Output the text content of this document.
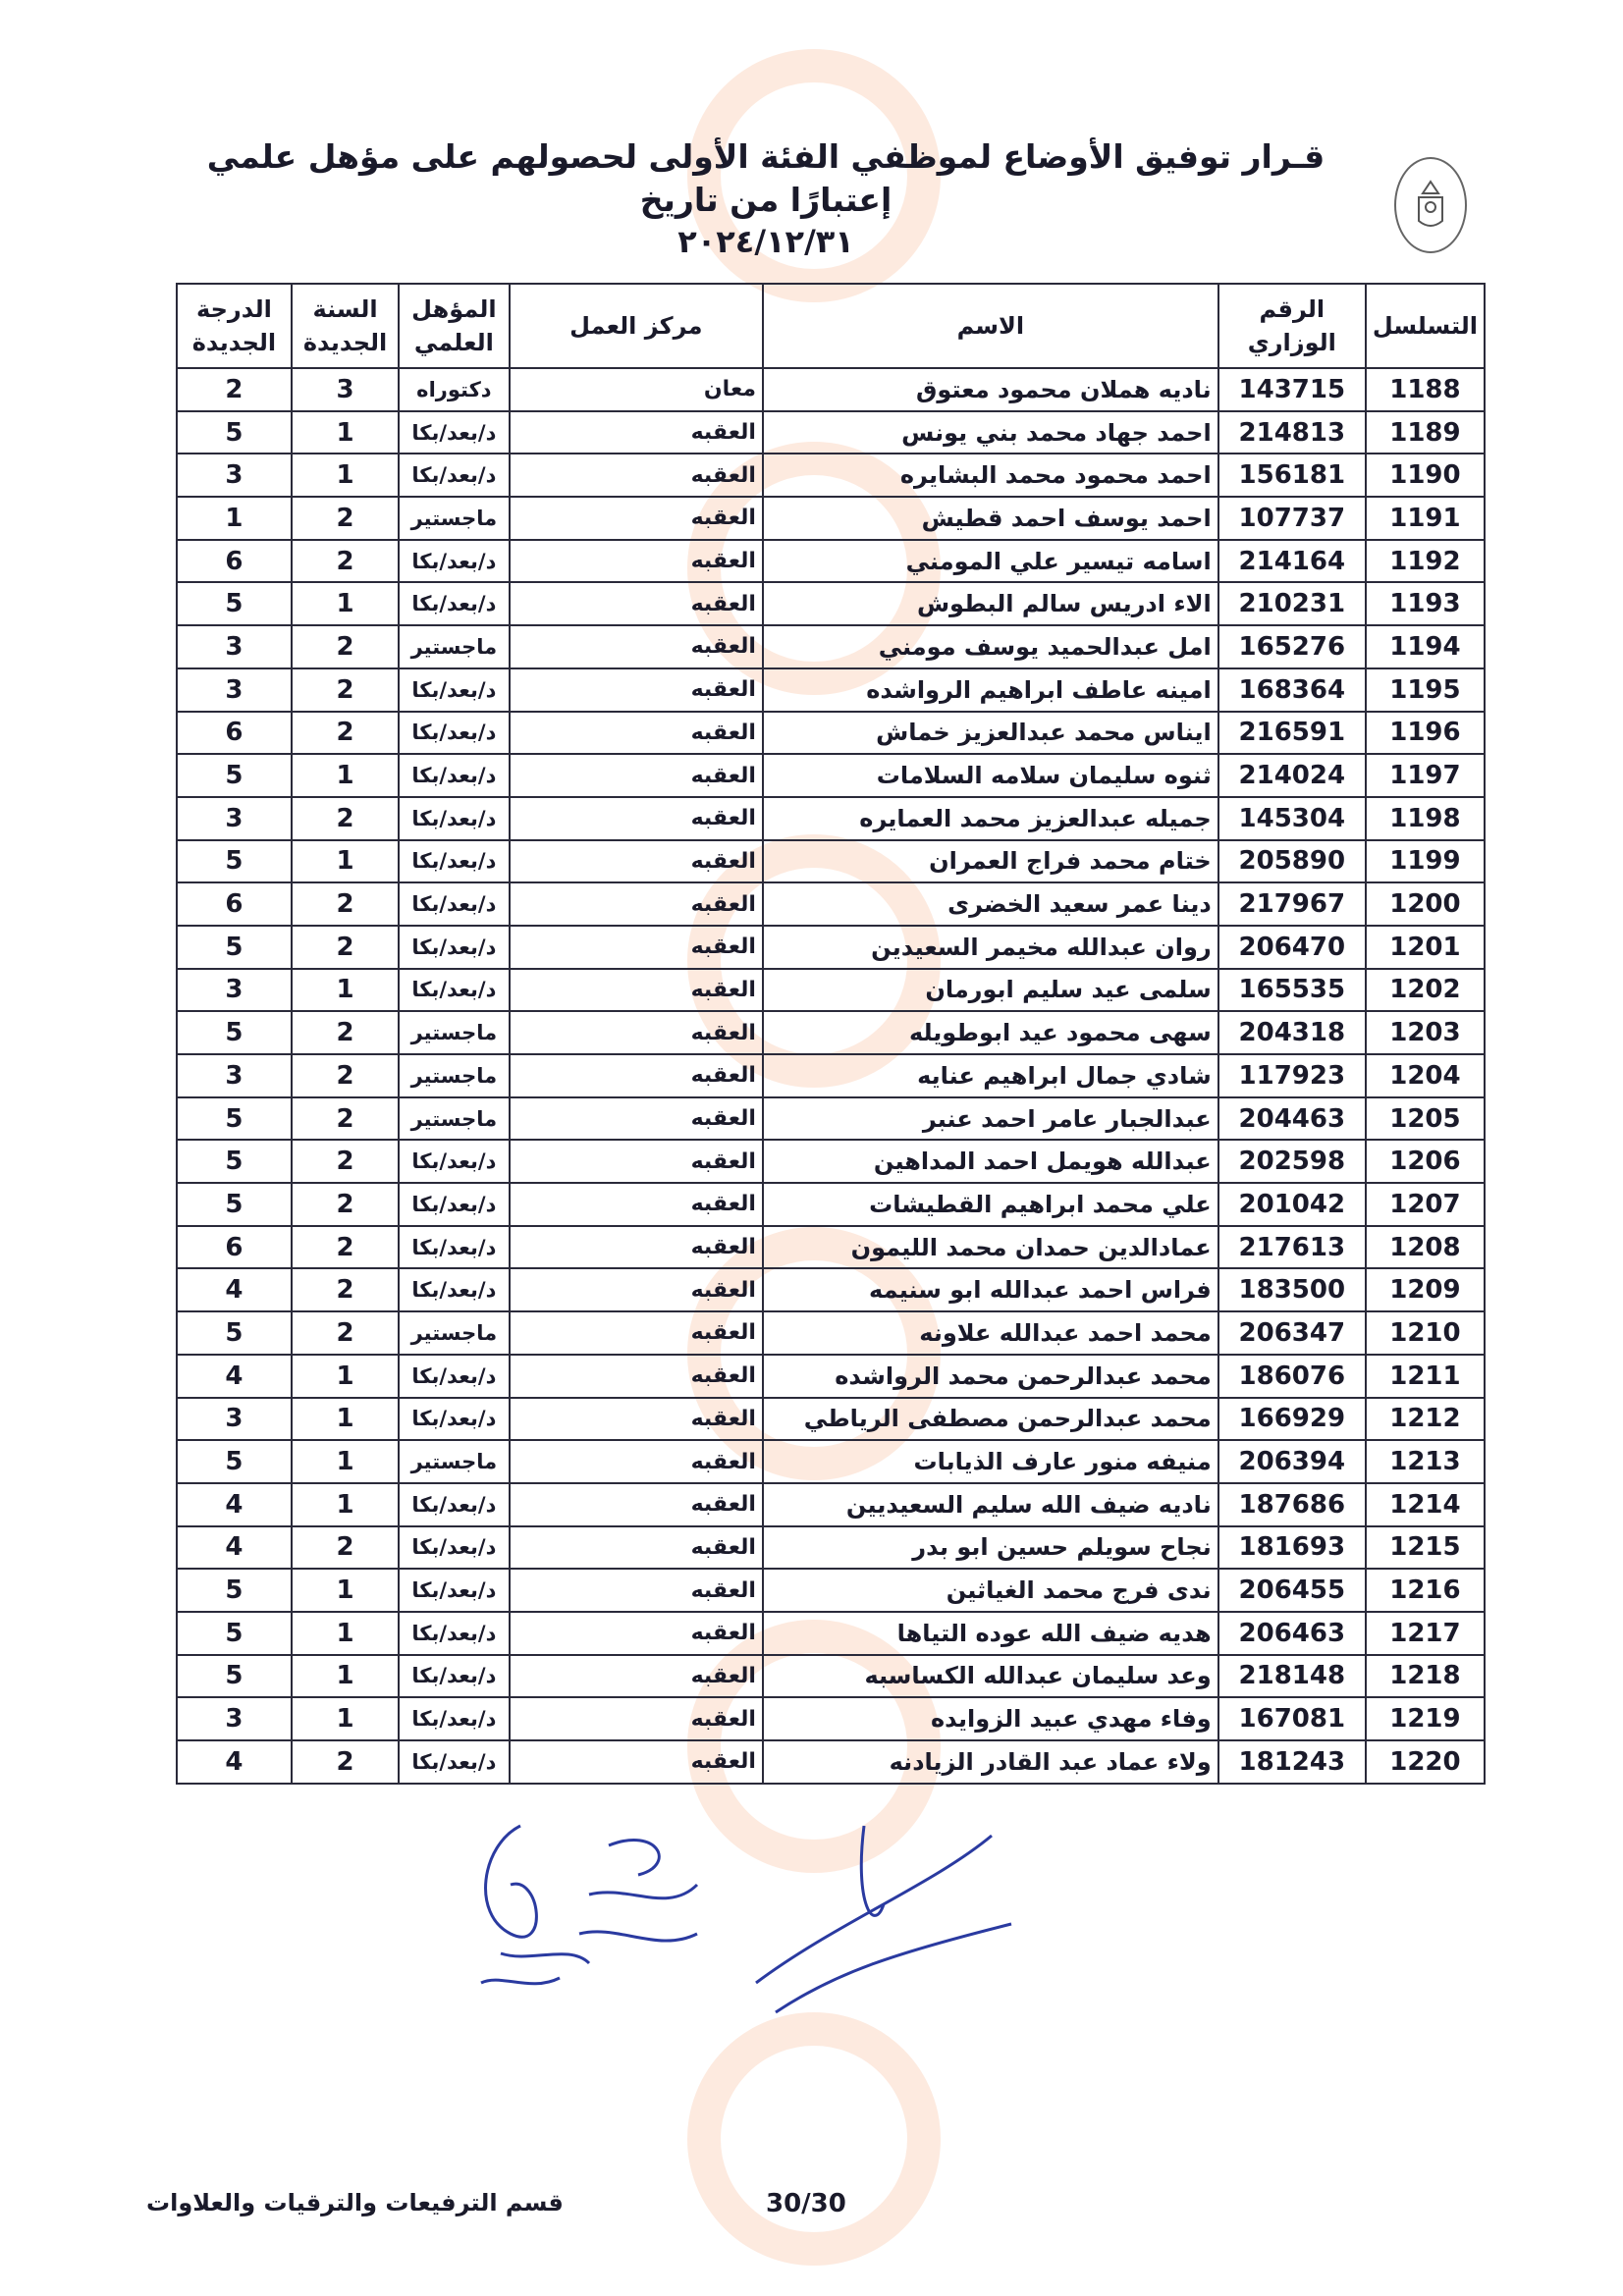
قـرار توفيق الأوضاع لموظفي الفئة الأولى لحصولهم على مؤهل علمي إعتبارًا من تاريخ
٢٠٢٤/١٢/٣١
التسلسل	الرقم الوزاري	الاسم	مركز العمل	المؤهل العلمي	السنة الجديدة	الدرجة الجديدة
1188	143715	ناديه هملان محمود معتوق	معان	دكتوراه	3	2
1189	214813	احمد جهاد محمد بني يونس	العقبه	د/بعد/بكا	1	5
1190	156181	احمد محمود محمد البشايره	العقبه	د/بعد/بكا	1	3
1191	107737	احمد يوسف احمد قطيش	العقبه	ماجستير	2	1
1192	214164	اسامه تيسير علي المومني	العقبه	د/بعد/بكا	2	6
1193	210231	الاء ادريس سالم البطوش	العقبه	د/بعد/بكا	1	5
1194	165276	امل عبدالحميد يوسف مومني	العقبه	ماجستير	2	3
1195	168364	امينه عاطف ابراهيم الرواشده	العقبه	د/بعد/بكا	2	3
1196	216591	ايناس محمد عبدالعزيز خماش	العقبه	د/بعد/بكا	2	6
1197	214024	ثنوه سليمان سلامه السلامات	العقبه	د/بعد/بكا	1	5
1198	145304	جميله عبدالعزيز محمد العمايره	العقبه	د/بعد/بكا	2	3
1199	205890	ختام محمد فراج العمران	العقبه	د/بعد/بكا	1	5
1200	217967	دينا عمر سعيد الخضرى	العقبه	د/بعد/بكا	2	6
1201	206470	روان عبدالله مخيمر السعيدين	العقبه	د/بعد/بكا	2	5
1202	165535	سلمى عيد سليم ابورمان	العقبه	د/بعد/بكا	1	3
1203	204318	سهى محمود عيد ابوطويله	العقبه	ماجستير	2	5
1204	117923	شادي جمال ابراهيم عنايه	العقبه	ماجستير	2	3
1205	204463	عبدالجبار عامر احمد عنبر	العقبه	ماجستير	2	5
1206	202598	عبدالله هويمل احمد المداهين	العقبه	د/بعد/بكا	2	5
1207	201042	علي محمد ابراهيم القطيشات	العقبه	د/بعد/بكا	2	5
1208	217613	عمادالدين حمدان محمد الليمون	العقبه	د/بعد/بكا	2	6
1209	183500	فراس احمد عبدالله ابو سنيمه	العقبه	د/بعد/بكا	2	4
1210	206347	محمد احمد عبدالله علاونه	العقبه	ماجستير	2	5
1211	186076	محمد عبدالرحمن محمد الرواشده	العقبه	د/بعد/بكا	1	4
1212	166929	محمد عبدالرحمن مصطفى الرياطي	العقبه	د/بعد/بكا	1	3
1213	206394	منيفه منور عارف الذيابات	العقبه	ماجستير	1	5
1214	187686	ناديه ضيف الله سليم السعيديين	العقبه	د/بعد/بكا	1	4
1215	181693	نجاح سويلم حسين ابو بدر	العقبه	د/بعد/بكا	2	4
1216	206455	ندى فرج محمد الغياثين	العقبه	د/بعد/بكا	1	5
1217	206463	هديه ضيف الله عوده التياها	العقبه	د/بعد/بكا	1	5
1218	218148	وعد سليمان عبدالله الكساسبه	العقبه	د/بعد/بكا	1	5
1219	167081	وفاء مهدي عبيد الزوايده	العقبه	د/بعد/بكا	1	3
1220	181243	ولاء عماد عبد القادر الزيادنه	العقبه	د/بعد/بكا	2	4
قسم الترفيعات والترقيات والعلاوات	30/30
